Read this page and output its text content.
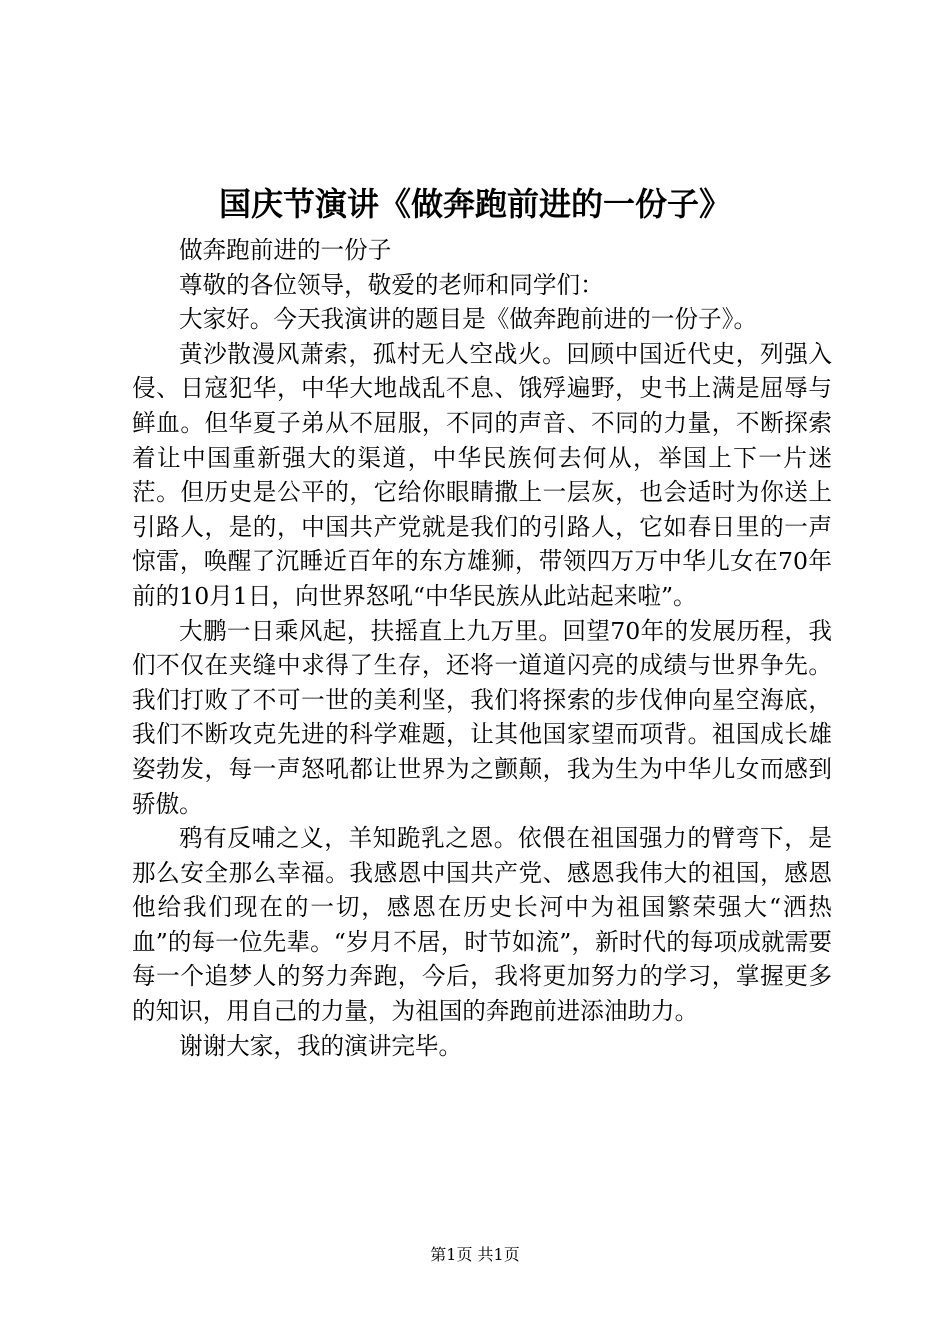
国庆节演讲《做奔跑前进的一份子》

做奔跑前进的一份子

尊敬的各位领导，敬爱的老师和同学们：

大家好。今天我演讲的题目是《做奔跑前进的一份子》。

黄沙散漫风萧索，孤村无人空战火。回顾中国近代史，列强入侵、日寇犯华，中华大地战乱不息、饿殍遍野，史书上满是屈辱与鲜血。但华夏子弟从不屈服，不同的声音、不同的力量，不断探索着让中国重新强大的渠道，中华民族何去何从，举国上下一片迷茫。但历史是公平的，它给你眼睛撒上一层灰，也会适时为你送上引路人，是的，中国共产党就是我们的引路人，它如春日里的一声惊雷，唤醒了沉睡近百年的东方雄狮，带领四万万中华儿女在70年前的10月1日，向世界怒吼“中华民族从此站起来啦”。

大鹏一日乘风起，扶摇直上九万里。回望70年的发展历程，我们不仅在夹缝中求得了生存，还将一道道闪亮的成绩与世界争先。我们打败了不可一世的美利坚，我们将探索的步伐伸向星空海底，我们不断攻克先进的科学难题，让其他国家望而项背。祖国成长雄姿勃发，每一声怒吼都让世界为之颤颠，我为生为中华儿女而感到骄傲。

鸦有反哺之义，羊知跪乳之恩。依偎在祖国强力的臂弯下，是那么安全那么幸福。我感恩中国共产党、感恩我伟大的祖国，感恩他给我们现在的一切，感恩在历史长河中为祖国繁荣强大“洒热血”的每一位先辈。“岁月不居，时节如流”，新时代的每项成就需要每一个追梦人的努力奔跑，今后，我将更加努力的学习，掌握更多的知识，用自己的力量，为祖国的奔跑前进添油助力。

谢谢大家，我的演讲完毕。

第1页 共1页
